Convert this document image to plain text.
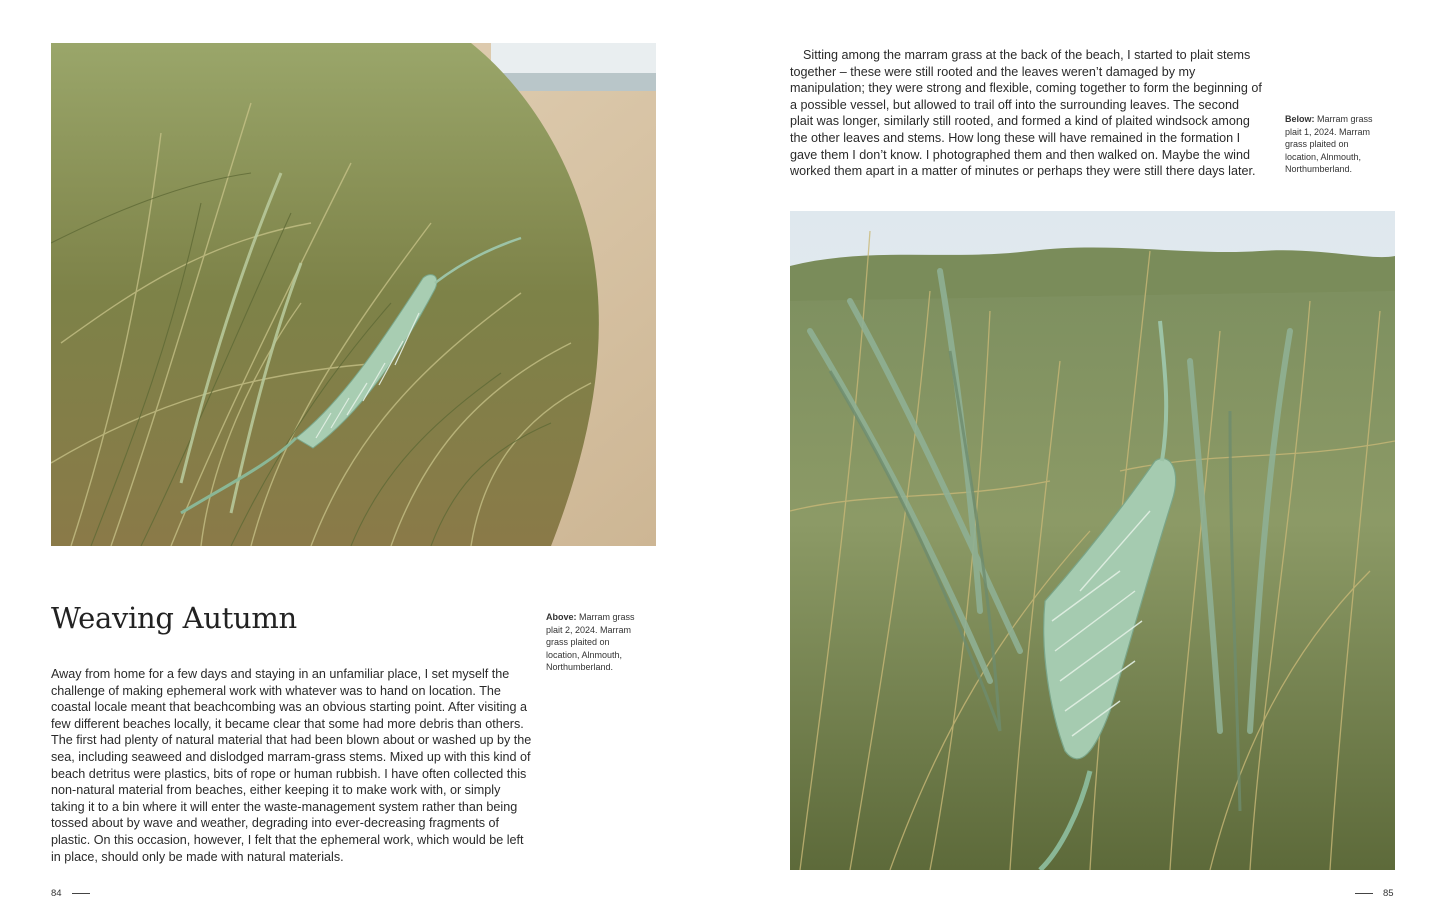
Weaving Autumn

Away from home for a few days and staying in an unfamiliar place, I set myself the challenge of making ephemeral work with whatever was to hand on location. The coastal locale meant that beachcombing was an obvious starting point. After visiting a few different beaches locally, it became clear that some had more debris than others. The first had plenty of natural material that had been blown about or washed up by the sea, including seaweed and dislodged marram-grass stems. Mixed up with this kind of beach detritus were plastics, bits of rope or human rubbish. I have often collected this non-natural material from beaches, either keeping it to make work with, or simply taking it to a bin where it will enter the waste-management system rather than being tossed about by wave and weather, degrading into ever-decreasing fragments of plastic. On this occasion, however, I felt that the ephemeral work, which would be left in place, should only be made with natural materials.

Above: Marram grass plait 2, 2024. Marram grass plaited on location, Alnmouth, Northumberland.

Sitting among the marram grass at the back of the beach, I started to plait stems together – these were still rooted and the leaves weren’t damaged by my manipulation; they were strong and flexible, coming together to form the beginning of a possible vessel, but allowed to trail off into the surrounding leaves. The second plait was longer, similarly still rooted, and formed a kind of plaited windsock among the other leaves and stems. How long these will have remained in the formation I gave them I don’t know. I photographed them and then walked on. Maybe the wind worked them apart in a matter of minutes or perhaps they were still there days later.

Below: Marram grass plait 1, 2024. Marram grass plaited on location, Alnmouth, Northumberland.
84	85
